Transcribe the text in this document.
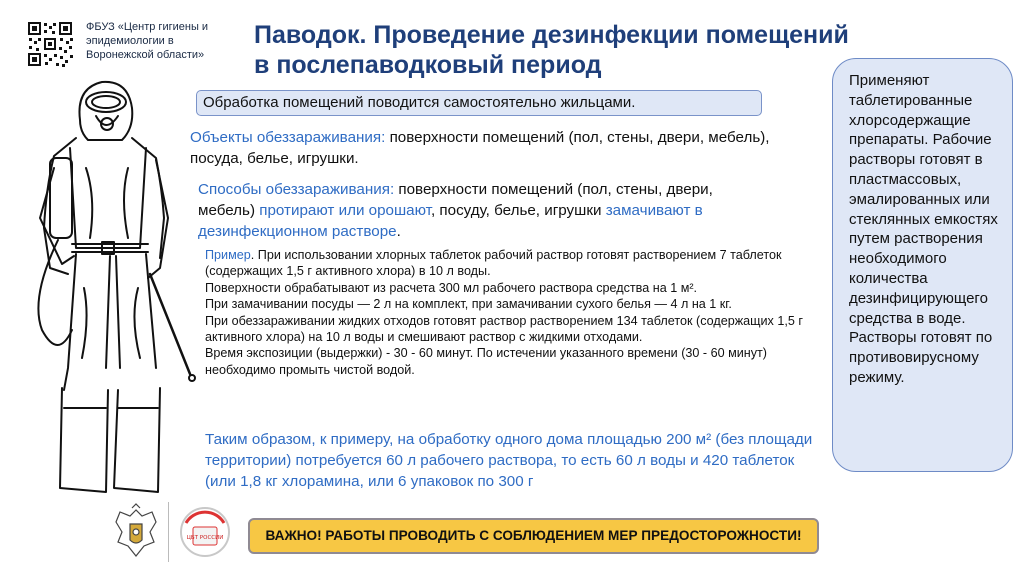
ФБУЗ «Центр гигиены и эпидемиологии в Воронежской области»
Паводок. Проведение дезинфекции помещений в послепаводковый период
Обработка помещений поводится самостоятельно жильцами.
Объекты обеззараживания: поверхности помещений (пол, стены, двери, мебель), посуда, белье, игрушки.
Способы обеззараживания: поверхности помещений (пол, стены, двери, мебель) протирают или орошают, посуду, белье, игрушки замачивают в дезинфекционном растворе.
Пример. При использовании хлорных таблеток рабочий раствор готовят растворением 7 таблеток (содержащих 1,5 г активного хлора) в 10 л воды.
Поверхности обрабатывают из расчета 300 мл рабочего раствора средства на 1 м².
При замачивании посуды — 2 л на комплект, при замачивании сухого белья — 4 л на 1 кг.
При обеззараживании жидких отходов готовят раствор растворением 134 таблеток (содержащих 1,5 г активного хлора) на 10 л воды и смешивают раствор с жидкими отходами.
Время экспозиции (выдержки) - 30 - 60 минут. По истечении указанного времени (30 - 60 минут) необходимо промыть чистой водой.
Таким образом, к примеру, на обработку одного дома площадью 200 м² (без площади территории) потребуется 60 л рабочего раствора, то есть 60 л воды и 420 таблеток (или 1,8 кг хлорамина, или 6 упаковок по 300 г
Применяют таблетированные хлорсодержащие препараты. Рабочие растворы готовят в пластмассовых, эмалированных или стеклянных емкостях путем растворения необходимого количества дезинфицирующего средства в воде. Растворы готовят по противовирусному режиму.
ЦБТ РОССИИ	ВАЖНО! РАБОТЫ ПРОВОДИТЬ С СОБЛЮДЕНИЕМ МЕР ПРЕДОСТОРОЖНОСТИ!
